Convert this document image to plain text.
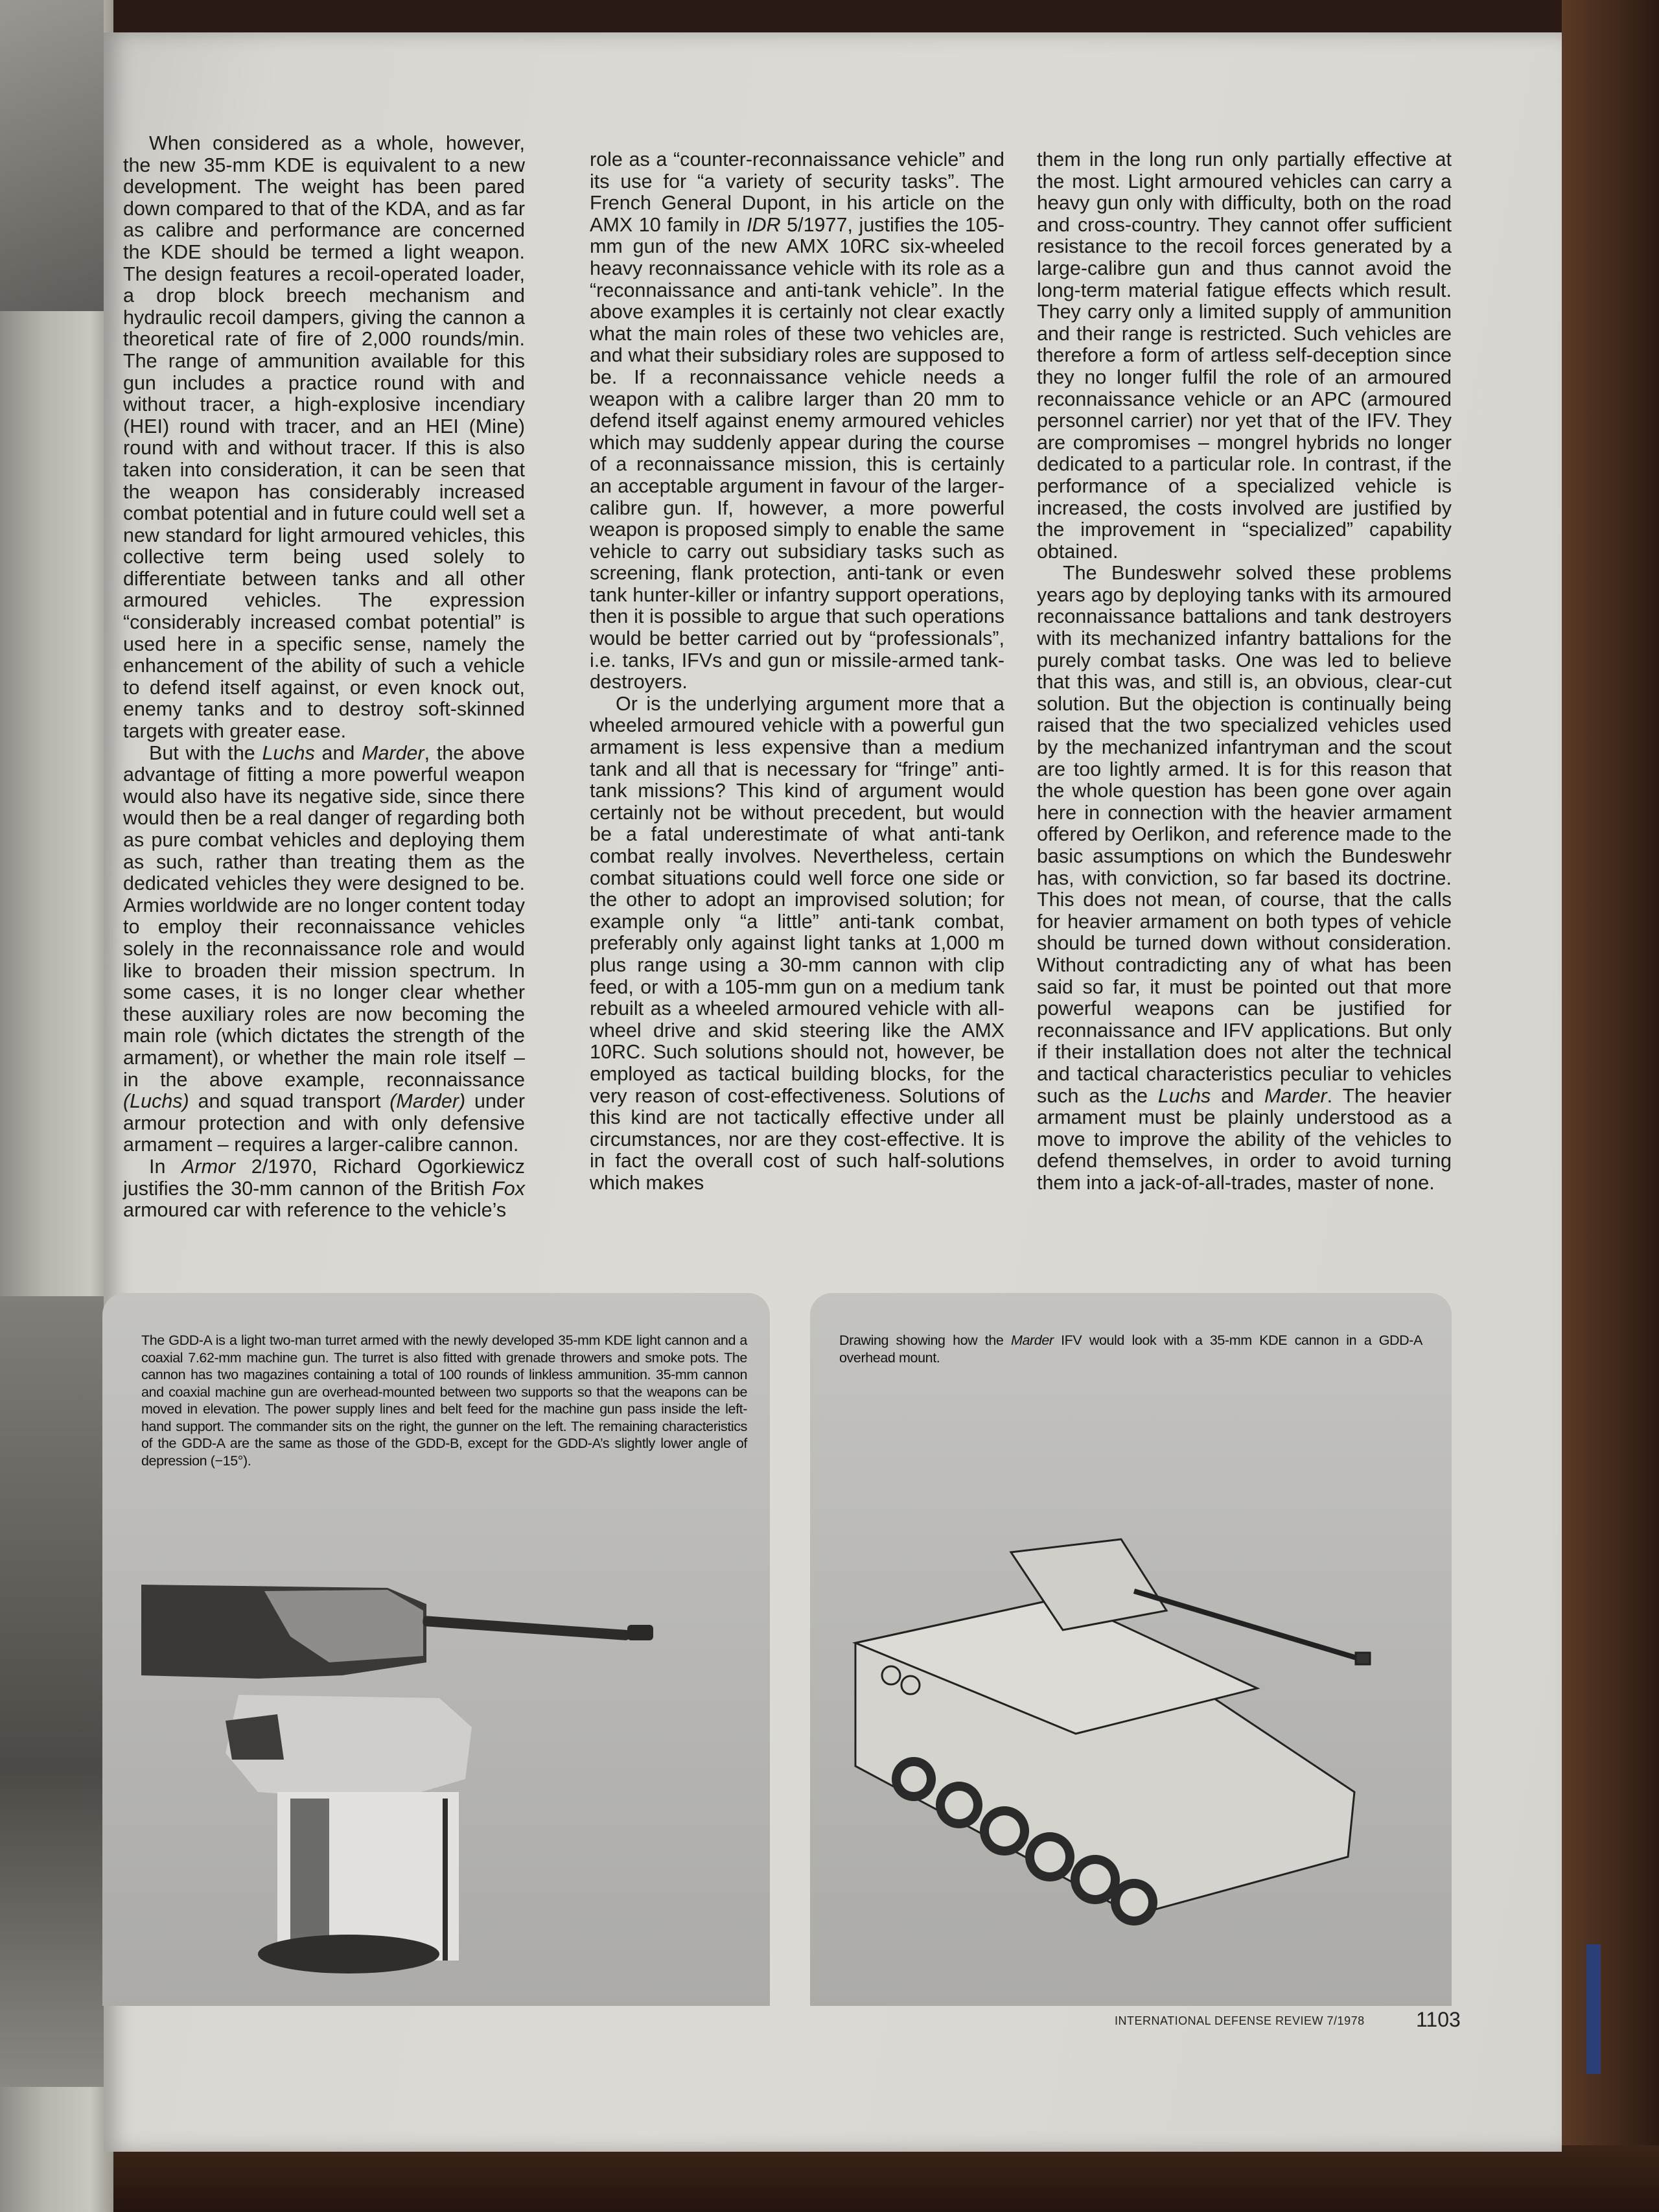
When considered as a whole, however, the new 35-mm KDE is equivalent to a new development. The weight has been pared down compared to that of the KDA, and as far as calibre and performance are concerned the KDE should be termed a light weapon. The design features a recoil-operated loader, a drop block breech mechanism and hydraulic recoil dampers, giving the cannon a theoretical rate of fire of 2,000 rounds/min. The range of ammunition available for this gun includes a practice round with and without tracer, a high-explosive incendiary (HEI) round with tracer, and an HEI (Mine) round with and without tracer. If this is also taken into consideration, it can be seen that the weapon has considerably increased combat potential and in future could well set a new standard for light armoured vehicles, this collective term being used solely to differentiate between tanks and all other armoured vehicles. The expression “considerably increased combat potential” is used here in a specific sense, namely the enhancement of the ability of such a vehicle to defend itself against, or even knock out, enemy tanks and to destroy soft-skinned targets with greater ease.

But with the Luchs and Marder, the above advantage of fitting a more powerful weapon would also have its negative side, since there would then be a real danger of regarding both as pure combat vehicles and deploying them as such, rather than treating them as the dedicated vehicles they were designed to be. Armies worldwide are no longer content today to employ their reconnaissance vehicles solely in the reconnaissance role and would like to broaden their mission spectrum. In some cases, it is no longer clear whether these auxiliary roles are now becoming the main role (which dictates the strength of the armament), or whether the main role itself – in the above example, reconnaissance (Luchs) and squad transport (Marder) under armour protection and with only defensive armament – requires a larger-calibre cannon.

In Armor 2/1970, Richard Ogorkiewicz justifies the 30-mm cannon of the British Fox armoured car with reference to the vehicle’s

role as a “counter-reconnaissance vehicle” and its use for “a variety of security tasks”. The French General Dupont, in his article on the AMX 10 family in IDR 5/1977, justifies the 105-mm gun of the new AMX 10RC six-wheeled heavy reconnaissance vehicle with its role as a “reconnaissance and anti-tank vehicle”. In the above examples it is certainly not clear exactly what the main roles of these two vehicles are, and what their subsidiary roles are supposed to be. If a reconnaissance vehicle needs a weapon with a calibre larger than 20 mm to defend itself against enemy armoured vehicles which may suddenly appear during the course of a reconnaissance mission, this is certainly an acceptable argument in favour of the larger-calibre gun. If, however, a more powerful weapon is proposed simply to enable the same vehicle to carry out subsidiary tasks such as screening, flank protection, anti-tank or even tank hunter-killer or infantry support operations, then it is possible to argue that such operations would be better carried out by “professionals”, i.e. tanks, IFVs and gun or missile-armed tank-destroyers.

Or is the underlying argument more that a wheeled armoured vehicle with a powerful gun armament is less expensive than a medium tank and all that is necessary for “fringe” anti-tank missions? This kind of argument would certainly not be without precedent, but would be a fatal underestimate of what anti-tank combat really involves. Nevertheless, certain combat situations could well force one side or the other to adopt an improvised solution; for example only “a little” anti-tank combat, preferably only against light tanks at 1,000 m plus range using a 30-mm cannon with clip feed, or with a 105-mm gun on a medium tank rebuilt as a wheeled armoured vehicle with all-wheel drive and skid steering like the AMX 10RC. Such solutions should not, however, be employed as tactical building blocks, for the very reason of cost-effectiveness. Solutions of this kind are not tactically effective under all circumstances, nor are they cost-effective. It is in fact the overall cost of such half-solutions which makes

them in the long run only partially effective at the most. Light armoured vehicles can carry a heavy gun only with difficulty, both on the road and cross-country. They cannot offer sufficient resistance to the recoil forces generated by a large-calibre gun and thus cannot avoid the long-term material fatigue effects which result. They carry only a limited supply of ammunition and their range is restricted. Such vehicles are therefore a form of artless self-deception since they no longer fulfil the role of an armoured reconnaissance vehicle or an APC (armoured personnel carrier) nor yet that of the IFV. They are compromises – mongrel hybrids no longer dedicated to a particular role. In contrast, if the performance of a specialized vehicle is increased, the costs involved are justified by the improvement in “specialized” capability obtained.

The Bundeswehr solved these problems years ago by deploying tanks with its armoured reconnaissance battalions and tank destroyers with its mechanized infantry battalions for the purely combat tasks. One was led to believe that this was, and still is, an obvious, clear-cut solution. But the objection is continually being raised that the two specialized vehicles used by the mechanized infantryman and the scout are too lightly armed. It is for this reason that the whole question has been gone over again here in connection with the heavier armament offered by Oerlikon, and reference made to the basic assumptions on which the Bundeswehr has, with conviction, so far based its doctrine. This does not mean, of course, that the calls for heavier armament on both types of vehicle should be turned down without consideration. Without contradicting any of what has been said so far, it must be pointed out that more powerful weapons can be justified for reconnaissance and IFV applications. But only if their installation does not alter the technical and tactical characteristics peculiar to vehicles such as the Luchs and Marder. The heavier armament must be plainly understood as a move to improve the ability of the vehicles to defend themselves, in order to avoid turning them into a jack-of-all-trades, master of none.

The GDD-A is a light two-man turret armed with the newly developed 35-mm KDE light cannon and a coaxial 7.62-mm machine gun. The turret is also fitted with grenade throwers and smoke pots. The cannon has two magazines containing a total of 100 rounds of linkless ammunition. 35-mm cannon and coaxial machine gun are overhead-mounted between two supports so that the weapons can be moved in elevation. The power supply lines and belt feed for the machine gun pass inside the left-hand support. The commander sits on the right, the gunner on the left. The remaining characteristics of the GDD-A are the same as those of the GDD-B, except for the GDD-A’s slightly lower angle of depression (−15°).
Drawing showing how the Marder IFV would look with a 35-mm KDE cannon in a GDD-A overhead mount.
INTERNATIONAL DEFENSE REVIEW 7/1978 1103
